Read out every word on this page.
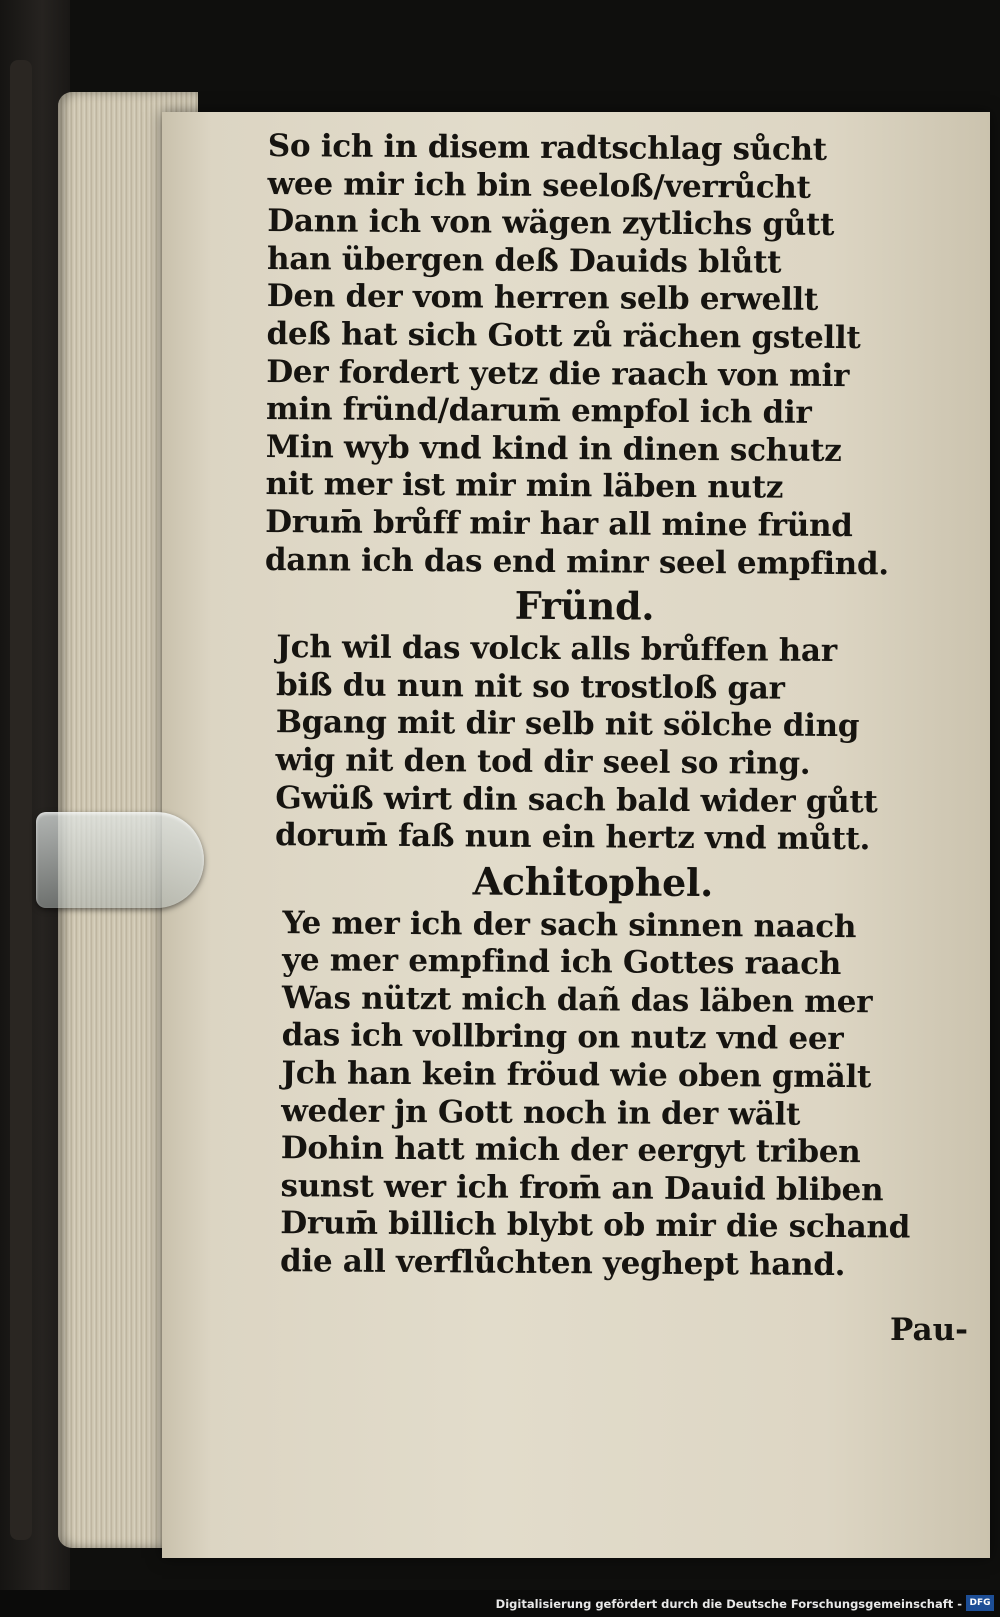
So ich in disem radtschlag sůcht
wee mir ich bin seeloß/verrůcht
Dann ich von wägen zytlichs gůtt
han übergen deß Dauids blůtt
Den der vom herren selb erwellt
deß hat sich Gott zů rächen gstellt
Der fordert yetz die raach von mir
min fründ/darum̄ empfol ich dir
Min wyb vnd kind in dinen schutz
nit mer ist mir min läben nutz
Drum̄ brůff mir har all mine fründ
dann ich das end minr seel empfind.
Fründ.
Jch wil das volck alls brůffen har
biß du nun nit so trostloß gar
Bgang mit dir selb nit sölche ding
wig nit den tod dir seel so ring.
Gwüß wirt din sach bald wider gůtt
dorum̄ faß nun ein hertz vnd můtt.
Achitophel.
Ye mer ich der sach sinnen naach
ye mer empfind ich Gottes raach
Was nützt mich dañ das läben mer
das ich vollbring on nutz vnd eer
Jch han kein fröud wie oben gmält
weder jn Gott noch in der wält
Dohin hatt mich der eergyt triben
sunst wer ich from̄ an Dauid bliben
Drum̄ billich blybt ob mir die schand
die all verflůchten yeghept hand.
Pau-
Digitalisierung gefördert durch die Deutsche Forschungsgemeinschaft - DFG
